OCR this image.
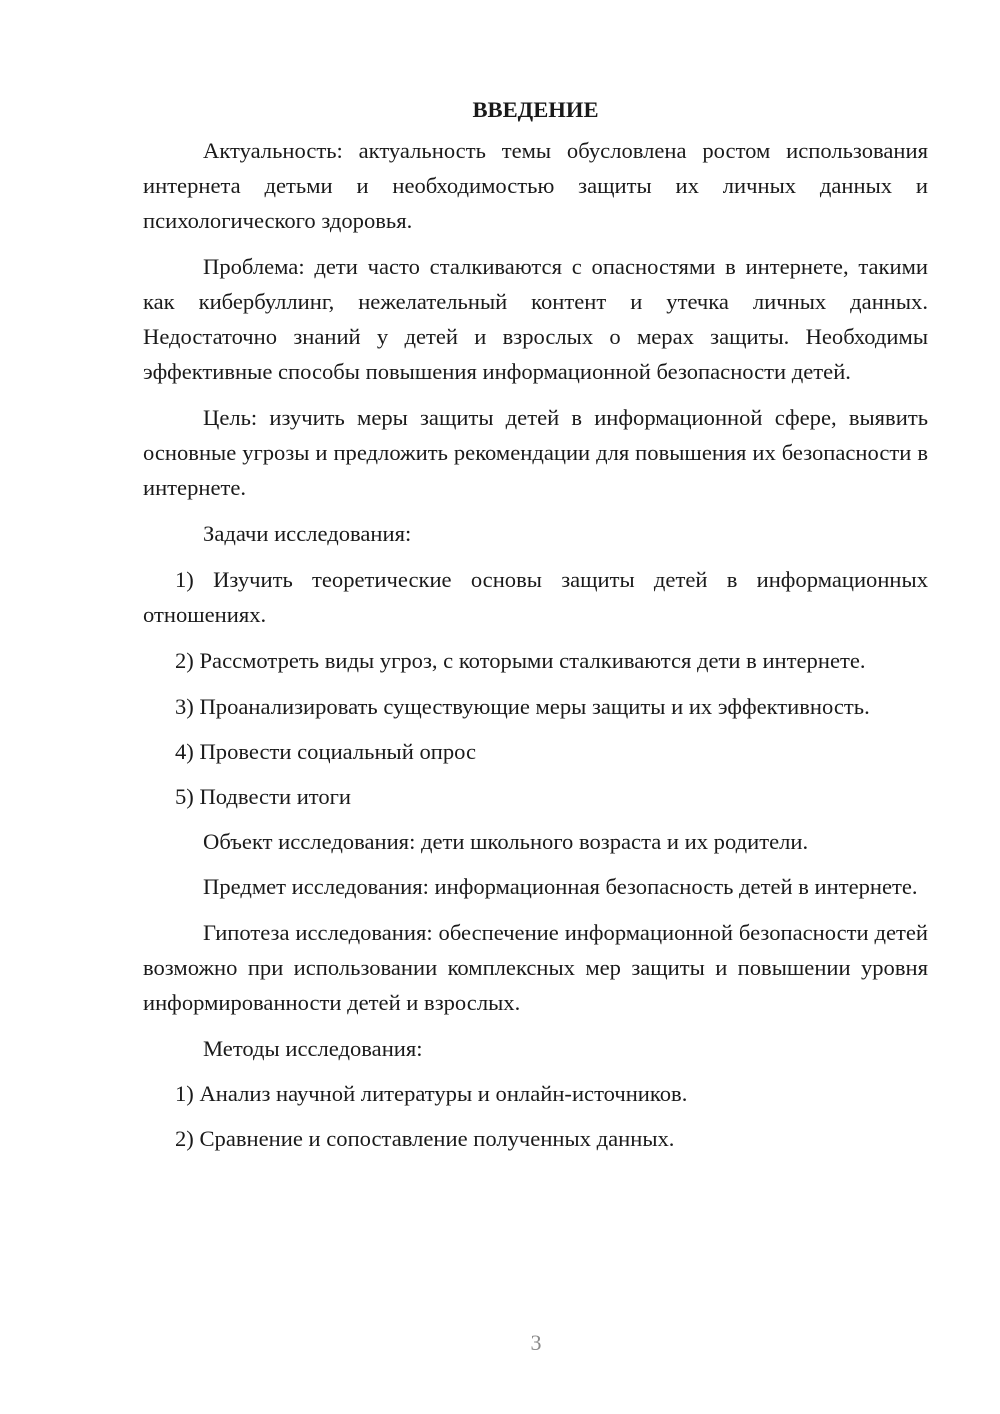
ВВЕДЕНИЕ

Актуальность: актуальность темы обусловлена ростом использования интернета детьми и необходимостью защиты их личных данных и психологического здоровья.

Проблема: дети часто сталкиваются с опасностями в интернете, такими как кибербуллинг, нежелательный контент и утечка личных данных. Недостаточно знаний у детей и взрослых о мерах защиты. Необходимы эффективные способы повышения информационной безопасности детей.

Цель: изучить меры защиты детей в информационной сфере, выявить основные угрозы и предложить рекомендации для повышения их безопасности в интернете.

Задачи исследования:

1) Изучить теоретические основы защиты детей в информационных отношениях.

2) Рассмотреть виды угроз, с которыми сталкиваются дети в интернете.

3) Проанализировать существующие меры защиты и их эффективность.

4) Провести социальный опрос

5) Подвести итоги

Объект исследования: дети школьного возраста и их родители.

Предмет исследования: информационная безопасность детей в интернете.

Гипотеза исследования: обеспечение информационной безопасности детей возможно при использовании комплексных мер защиты и повышении уровня информированности детей и взрослых.

Методы исследования:

1) Анализ научной литературы и онлайн-источников.

2) Сравнение и сопоставление полученных данных.

3
